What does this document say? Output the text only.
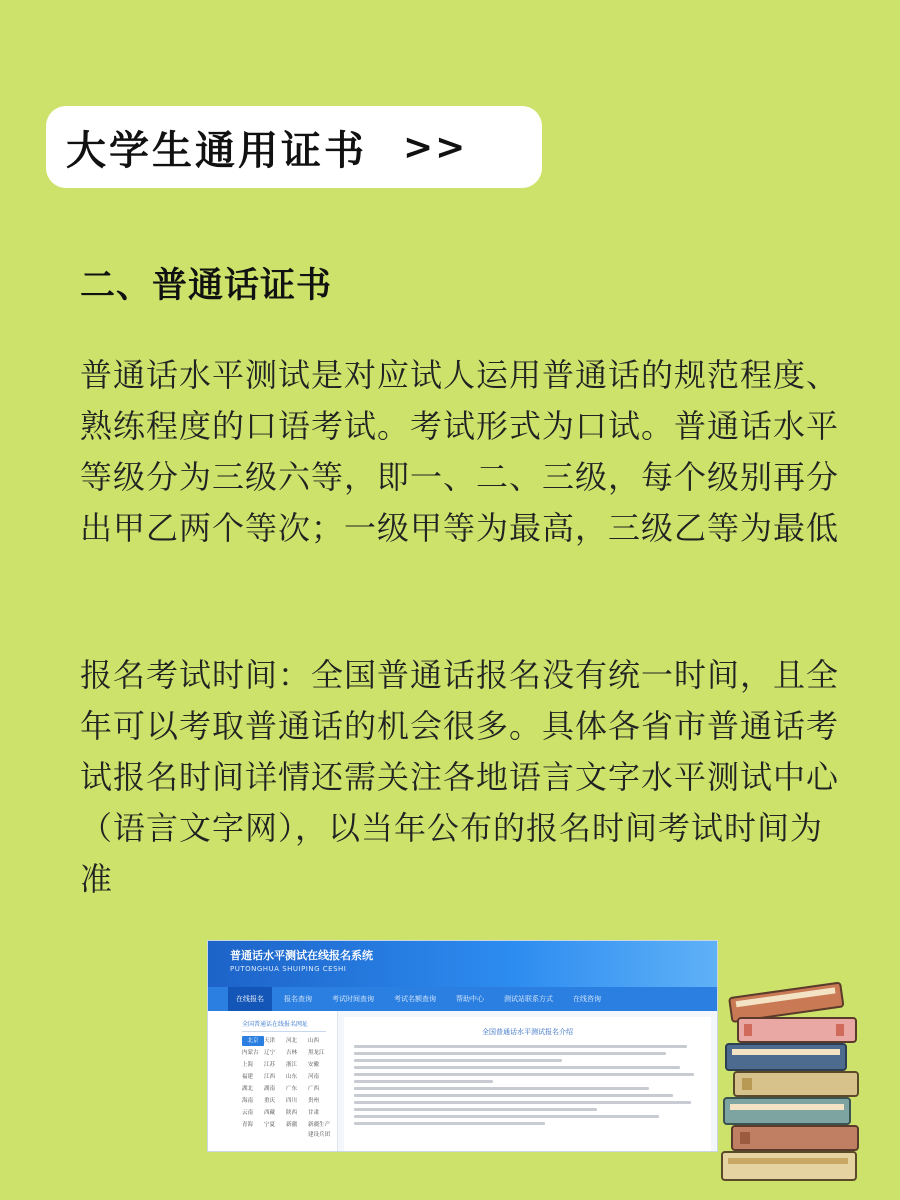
大学生通用证书 >>
二、普通话证书

普通话水平测试是对应试人运用普通话的规范程度、熟练程度的口语考试。考试形式为口试。普通话水平等级分为三级六等，即一、二、三级，每个级别再分出甲乙两个等次；一级甲等为最高，三级乙等为最低

报名考试时间：全国普通话报名没有统一时间，且全年可以考取普通话的机会很多。具体各省市普通话考试报名时间详情还需关注各地语言文字水平测试中心（语言文字网），以当年公布的报名时间考试时间为准

普通话水平测试在线报名系统
PUTONGHUA SHUIPING CESHI
在线报名	报名查询	考试时间查询	考试名额查询	帮助中心	测试站联系方式	在线咨询
全国普通话在线报名网址
北京	天津	河北	山西
内蒙古 辽宁	吉林	黑龙江
上海	江苏	浙江	安徽
福建	江西	山东	河南
湖北	湖南	广东	广西
海南	重庆	四川	贵州
云南	西藏	陕西	甘肃
青海	宁夏	新疆	新疆生产建设兵团
全国普通话水平测试报名介绍
